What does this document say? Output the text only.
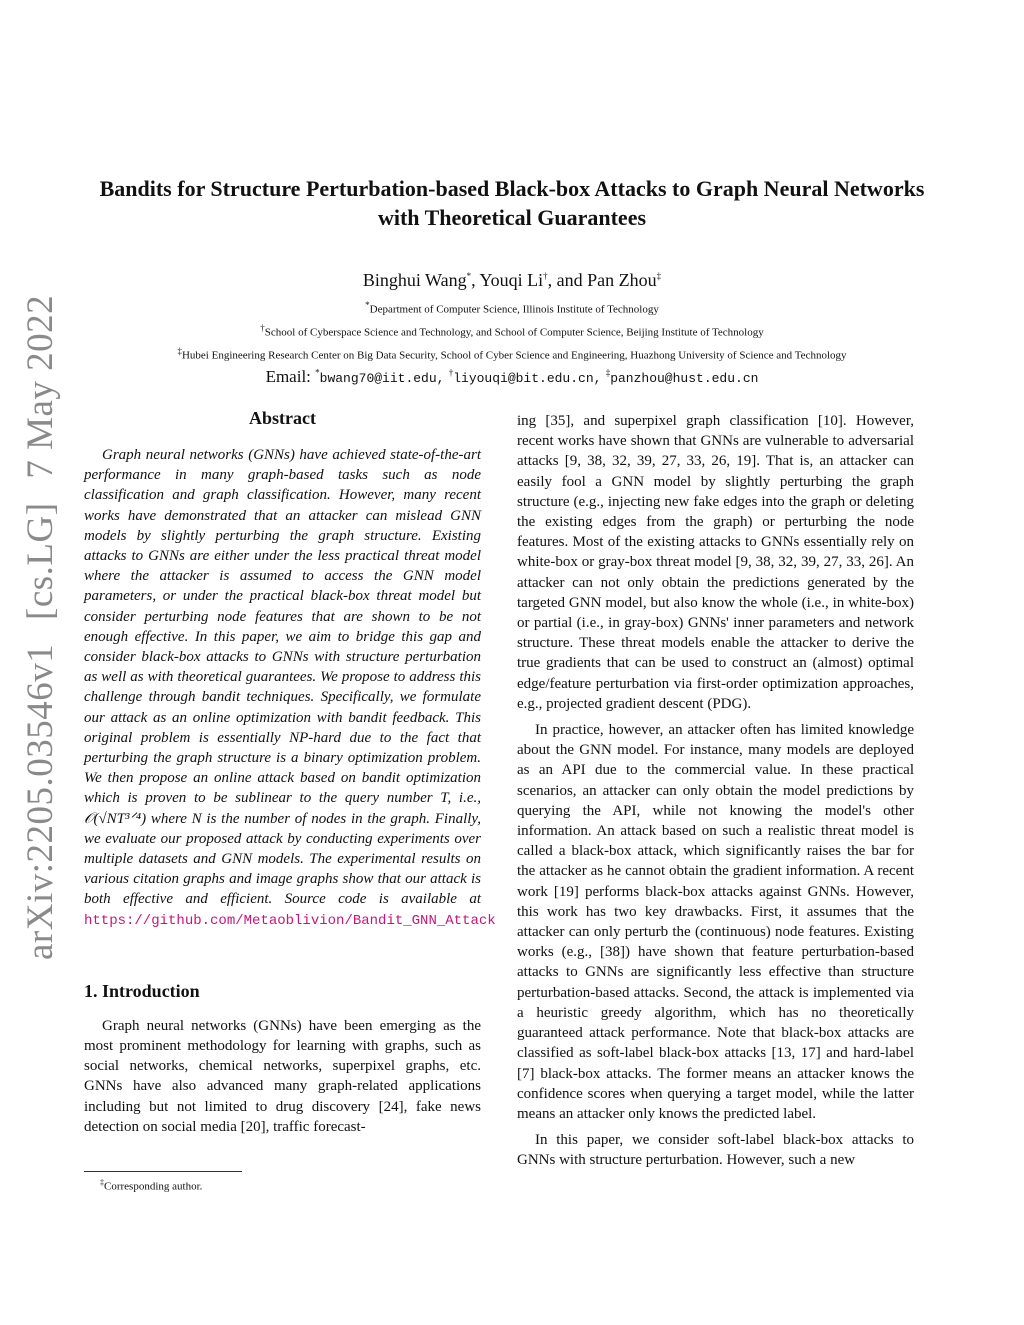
arXiv:2205.03546v1 [cs.LG] 7 May 2022
Bandits for Structure Perturbation-based Black-box Attacks to Graph Neural Networks with Theoretical Guarantees
Binghui Wang*, Youqi Li†, and Pan Zhou‡
*Department of Computer Science, Illinois Institute of Technology
†School of Cyberspace Science and Technology, and School of Computer Science, Beijing Institute of Technology
‡Hubei Engineering Research Center on Big Data Security, School of Cyber Science and Engineering, Huazhong University of Science and Technology
Email: *bwang70@iit.edu, †liyouqi@bit.edu.cn, ‡panzhou@hust.edu.cn
Abstract

Graph neural networks (GNNs) have achieved state-of-the-art performance in many graph-based tasks such as node classification and graph classification. However, many recent works have demonstrated that an attacker can mislead GNN models by slightly perturbing the graph structure. Existing attacks to GNNs are either under the less practical threat model where the attacker is assumed to access the GNN model parameters, or under the practical black-box threat model but consider perturbing node features that are shown to be not enough effective. In this paper, we aim to bridge this gap and consider black-box attacks to GNNs with structure perturbation as well as with theoretical guarantees. We propose to address this challenge through bandit techniques. Specifically, we formulate our attack as an online optimization with bandit feedback. This original problem is essentially NP-hard due to the fact that perturbing the graph structure is a binary optimization problem. We then propose an online attack based on bandit optimization which is proven to be sublinear to the query number T, i.e., 𝒪(√NT³ᐟ⁴) where N is the number of nodes in the graph. Finally, we evaluate our proposed attack by conducting experiments over multiple datasets and GNN models. The experimental results on various citation graphs and image graphs show that our attack is both effective and efficient. Source code is available at https://github.com/Metaoblivion/Bandit_GNN_Attack

1. Introduction

Graph neural networks (GNNs) have been emerging as the most prominent methodology for learning with graphs, such as social networks, chemical networks, superpixel graphs, etc. GNNs have also advanced many graph-related applications including but not limited to drug discovery [24], fake news detection on social media [20], traffic forecast-

ing [35], and superpixel graph classification [10]. However, recent works have shown that GNNs are vulnerable to adversarial attacks [9, 38, 32, 39, 27, 33, 26, 19]. That is, an attacker can easily fool a GNN model by slightly perturbing the graph structure (e.g., injecting new fake edges into the graph or deleting the existing edges from the graph) or perturbing the node features. Most of the existing attacks to GNNs essentially rely on white-box or gray-box threat model [9, 38, 32, 39, 27, 33, 26]. An attacker can not only obtain the predictions generated by the targeted GNN model, but also know the whole (i.e., in white-box) or partial (i.e., in gray-box) GNNs' inner parameters and network structure. These threat models enable the attacker to derive the true gradients that can be used to construct an (almost) optimal edge/feature perturbation via first-order optimization approaches, e.g., projected gradient descent (PDG).

In practice, however, an attacker often has limited knowledge about the GNN model. For instance, many models are deployed as an API due to the commercial value. In these practical scenarios, an attacker can only obtain the model predictions by querying the API, while not knowing the model's other information. An attack based on such a realistic threat model is called a black-box attack, which significantly raises the bar for the attacker as he cannot obtain the gradient information. A recent work [19] performs black-box attacks against GNNs. However, this work has two key drawbacks. First, it assumes that the attacker can only perturb the (continuous) node features. Existing works (e.g., [38]) have shown that feature perturbation-based attacks to GNNs are significantly less effective than structure perturbation-based attacks. Second, the attack is implemented via a heuristic greedy algorithm, which has no theoretically guaranteed attack performance. Note that black-box attacks are classified as soft-label black-box attacks [13, 17] and hard-label [7] black-box attacks. The former means an attacker knows the confidence scores when querying a target model, while the latter means an attacker only knows the predicted label.

In this paper, we consider soft-label black-box attacks to GNNs with structure perturbation. However, such a new

‡Corresponding author.
